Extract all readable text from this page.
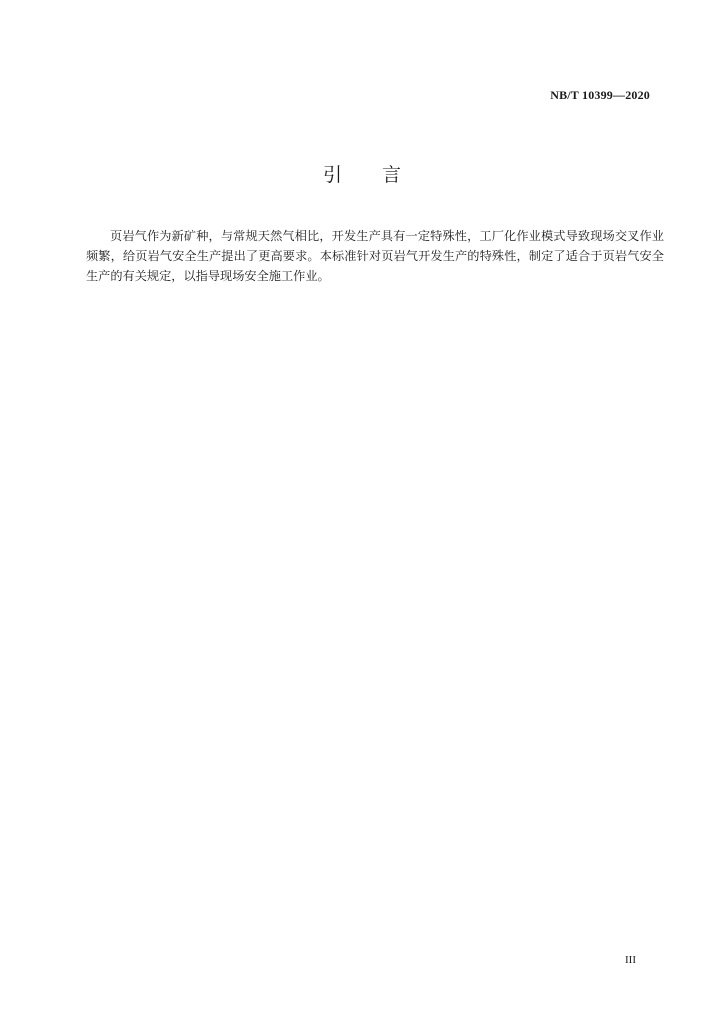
NB/T 10399—2020
引 言

页岩气作为新矿种，与常规天然气相比，开发生产具有一定特殊性，工厂化作业模式导致现场交叉作业频繁，给页岩气安全生产提出了更高要求。本标准针对页岩气开发生产的特殊性，制定了适合于页岩气安全生产的有关规定，以指导现场安全施工作业。

III
